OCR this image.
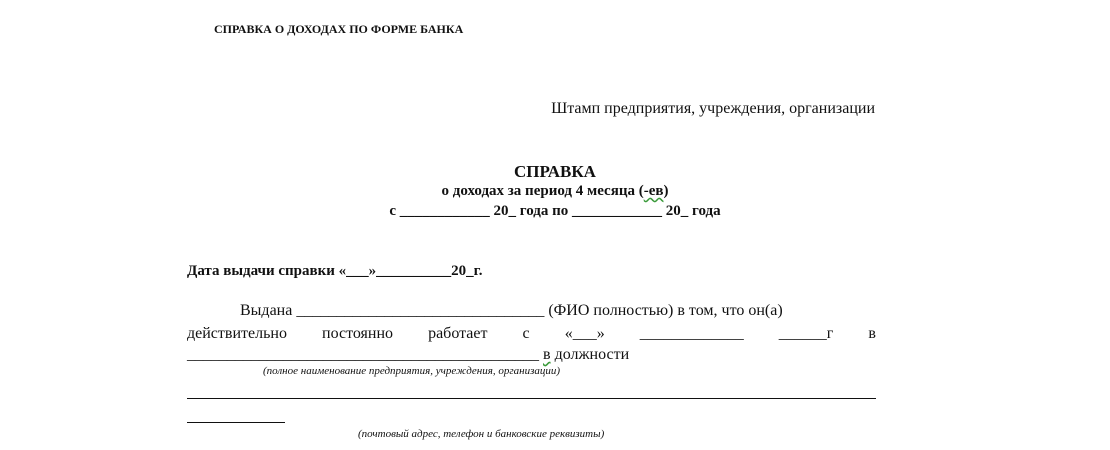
СПРАВКА О ДОХОДАХ ПО ФОРМЕ БАНКА
Штамп предприятия, учреждения, организации
СПРАВКА
о доходах за период 4 месяца (-ев)
с ____________ 20_ года по ____________ 20_ года
Дата выдачи справки «___»__________20_г.
Выдана _______________________________ (ФИО полностью) в том, что он(а)
действительно постоянно работает с «___» _____________ ______г в
____________________________________________ в должности
(полное наименование предприятия, учреждения, организации)
(почтовый адрес, телефон и банковские реквизиты)
